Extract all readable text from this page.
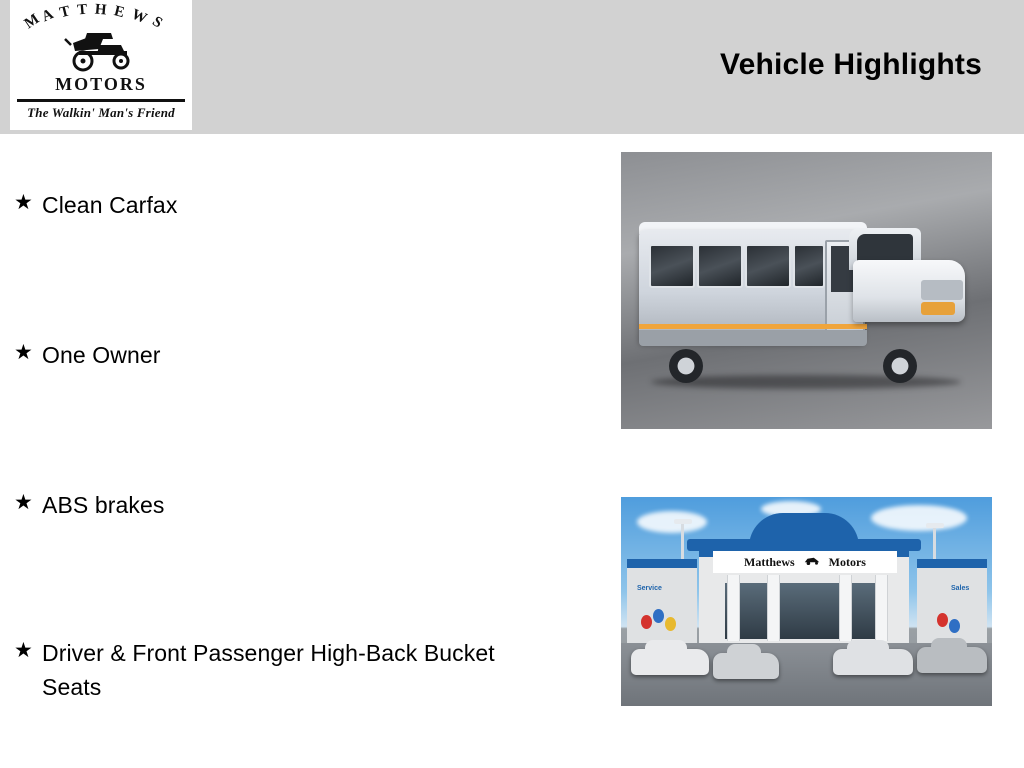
M
A T T H E W S
MOTORS
The Walkin' Man's Friend
Vehicle Highlights
★ Clean Carfax
★ One Owner
★ ABS brakes
★ Driver & Front Passenger High-Back Bucket Seats
Matthews	Motors
Service	Sales
